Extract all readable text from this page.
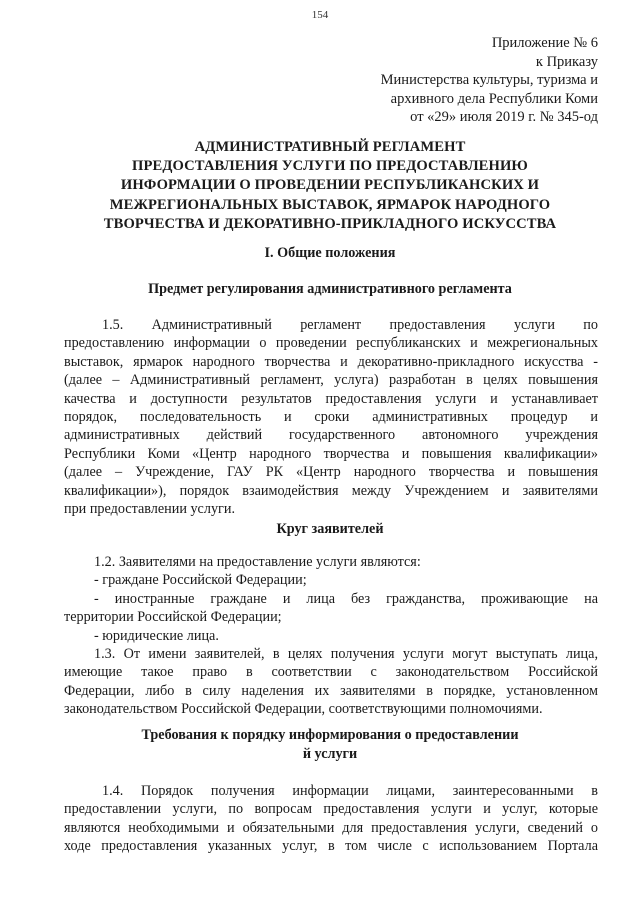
154
Приложение № 6
к Приказу
Министерства культуры, туризма и
архивного дела Республики Коми
от «29» июля 2019 г. № 345-од
АДМИНИСТРАТИВНЫЙ РЕГЛАМЕНТ
ПРЕДОСТАВЛЕНИЯ УСЛУГИ ПО ПРЕДОСТАВЛЕНИЮ
ИНФОРМАЦИИ О ПРОВЕДЕНИИ РЕСПУБЛИКАНСКИХ И
МЕЖРЕГИОНАЛЬНЫХ ВЫСТАВОК, ЯРМАРОК НАРОДНОГО
ТВОРЧЕСТВА И ДЕКОРАТИВНО-ПРИКЛАДНОГО ИСКУССТВА
I. Общие положения
Предмет регулирования административного регламента
1.5. Административный регламент предоставления услуги по
предоставлению информации о проведении республиканских и межрегиональных
выставок, ярмарок народного творчества и декоративно-прикладного искусства -
(далее – Административный регламент, услуга) разработан в целях повышения
качества и доступности результатов предоставления услуги и устанавливает
порядок, последовательность и сроки административных процедур и
административных действий государственного автономного учреждения
Республики Коми «Центр народного творчества и повышения квалификации»
(далее – Учреждение, ГАУ РК «Центр народного творчества и повышения
квалификации»), порядок взаимодействия между Учреждением и заявителями
при предоставлении услуги.
Круг заявителей
1.2. Заявителями на предоставление услуги являются:
- граждане Российской Федерации;
- иностранные граждане и лица без гражданства, проживающие на
территории Российской Федерации;
- юридические лица.
1.3. От имени заявителей, в целях получения услуги могут выступать лица,
имеющие такое право в соответствии с законодательством Российской
Федерации, либо в силу наделения их заявителями в порядке, установленном
законодательством Российской Федерации, соответствующими полномочиями.
Требования к порядку информирования о предоставлении
й услуги
1.4. Порядок получения информации лицами, заинтересованными в
предоставлении услуги, по вопросам предоставления услуги и услуг, которые
являются необходимыми и обязательными для предоставления услуги, сведений о
ходе предоставления указанных услуг, в том числе с использованием Портала
